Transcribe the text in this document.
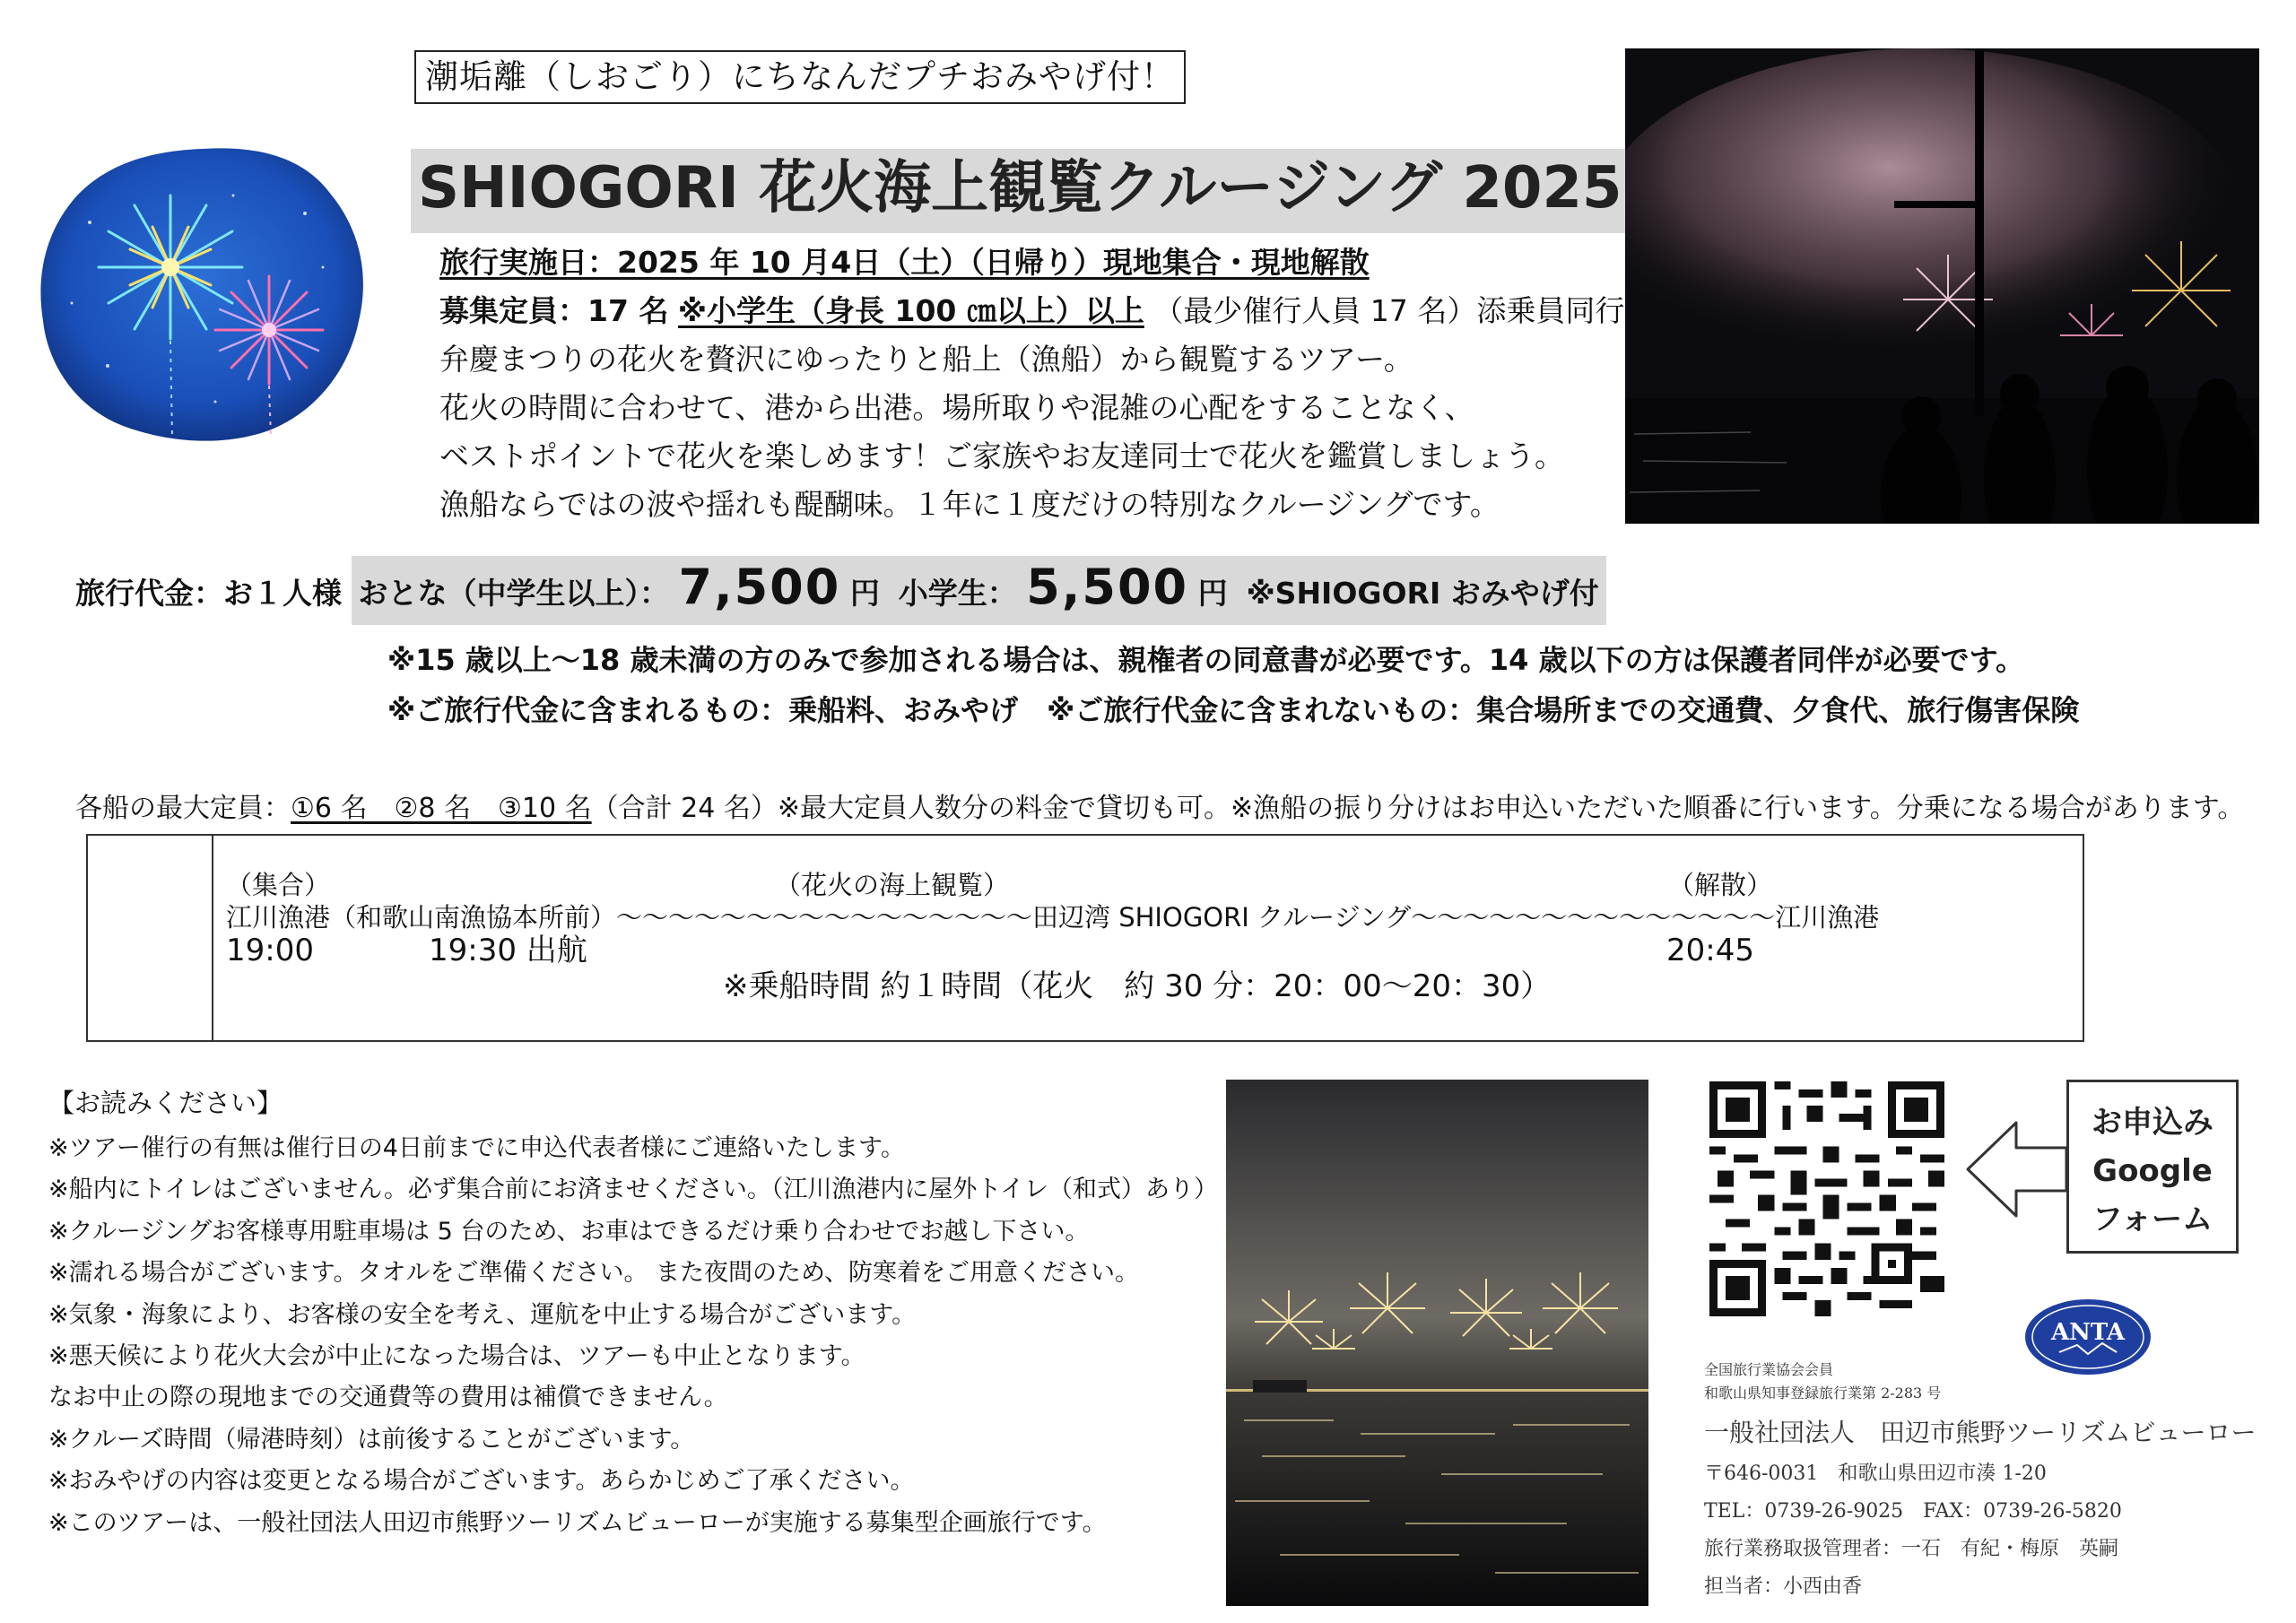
潮垢離（しおごり）にちなんだプチおみやげ付！
SHIOGORI 花火海上観覧クルージング 2025
旅行実施日：2025 年 10 月4日（土）（日帰り）現地集合・現地解散
募集定員：17 名 ※小学生（身長 100 ㎝以上）以上 （最少催行人員 17 名）添乗員同行
弁慶まつりの花火を贅沢にゆったりと船上（漁船）から観覧するツアー。
花火の時間に合わせて、港から出港。場所取りや混雑の心配をすることなく、
ベストポイントで花火を楽しめます！ご家族やお友達同士で花火を鑑賞しましょう。
漁船ならではの波や揺れも醍醐味。１年に１度だけの特別なクルージングです。
旅行代金：お１人様 おとな（中学生以上）： 7,500 円 小学生： 5,500 円 ※SHIOGORI おみやげ付
※15 歳以上～18 歳未満の方のみで参加される場合は、親権者の同意書が必要です。14 歳以下の方は保護者同伴が必要です。
※ご旅行代金に含まれるもの：乗船料、おみやげ　※ご旅行代金に含まれないもの：集合場所までの交通費、夕食代、旅行傷害保険
各船の最大定員：①6 名　②8 名　③10 名（合計 24 名）※最大定員人数分の料金で貸切も可。※漁船の振り分けはお申込いただいた順番に行います。分乗になる場合があります。
（集合）	（花火の海上観覧）	（解散）
江川漁港（和歌山南漁協本所前）～～～～～～～～～～～～～～～～田辺湾 SHIOGORI クルージング～～～～～～～～～～～～～～江川漁港
19:00	19:30 出航	20:45
※乗船時間 約１時間（花火　約 30 分：20：00～20：30）
【お読みください】
※ツアー催行の有無は催行日の4日前までに申込代表者様にご連絡いたします。
※船内にトイレはございません。必ず集合前にお済ませください。（江川漁港内に屋外トイレ（和式）あり）
※クルージングお客様専用駐車場は 5 台のため、お車はできるだけ乗り合わせでお越し下さい。
※濡れる場合がございます。タオルをご準備ください。 また夜間のため、防寒着をご用意ください。
※気象・海象により、お客様の安全を考え、運航を中止する場合がございます。
※悪天候により花火大会が中止になった場合は、ツアーも中止となります。
なお中止の際の現地までの交通費等の費用は補償できません。
※クルーズ時間（帰港時刻）は前後することがございます。
※おみやげの内容は変更となる場合がございます。あらかじめご了承ください。
※このツアーは、一般社団法人田辺市熊野ツーリズムビューローが実施する募集型企画旅行です。
お申込み
Google
フォーム
ANTA
全国旅行業協会会員
和歌山県知事登録旅行業第 2-283 号
一般社団法人　田辺市熊野ツーリズムビューロー
〒646-0031　和歌山県田辺市湊 1-20
TEL：0739-26-9025　FAX：0739-26-5820
旅行業務取扱管理者：一石　有紀・梅原　英嗣
担当者：小西由香
